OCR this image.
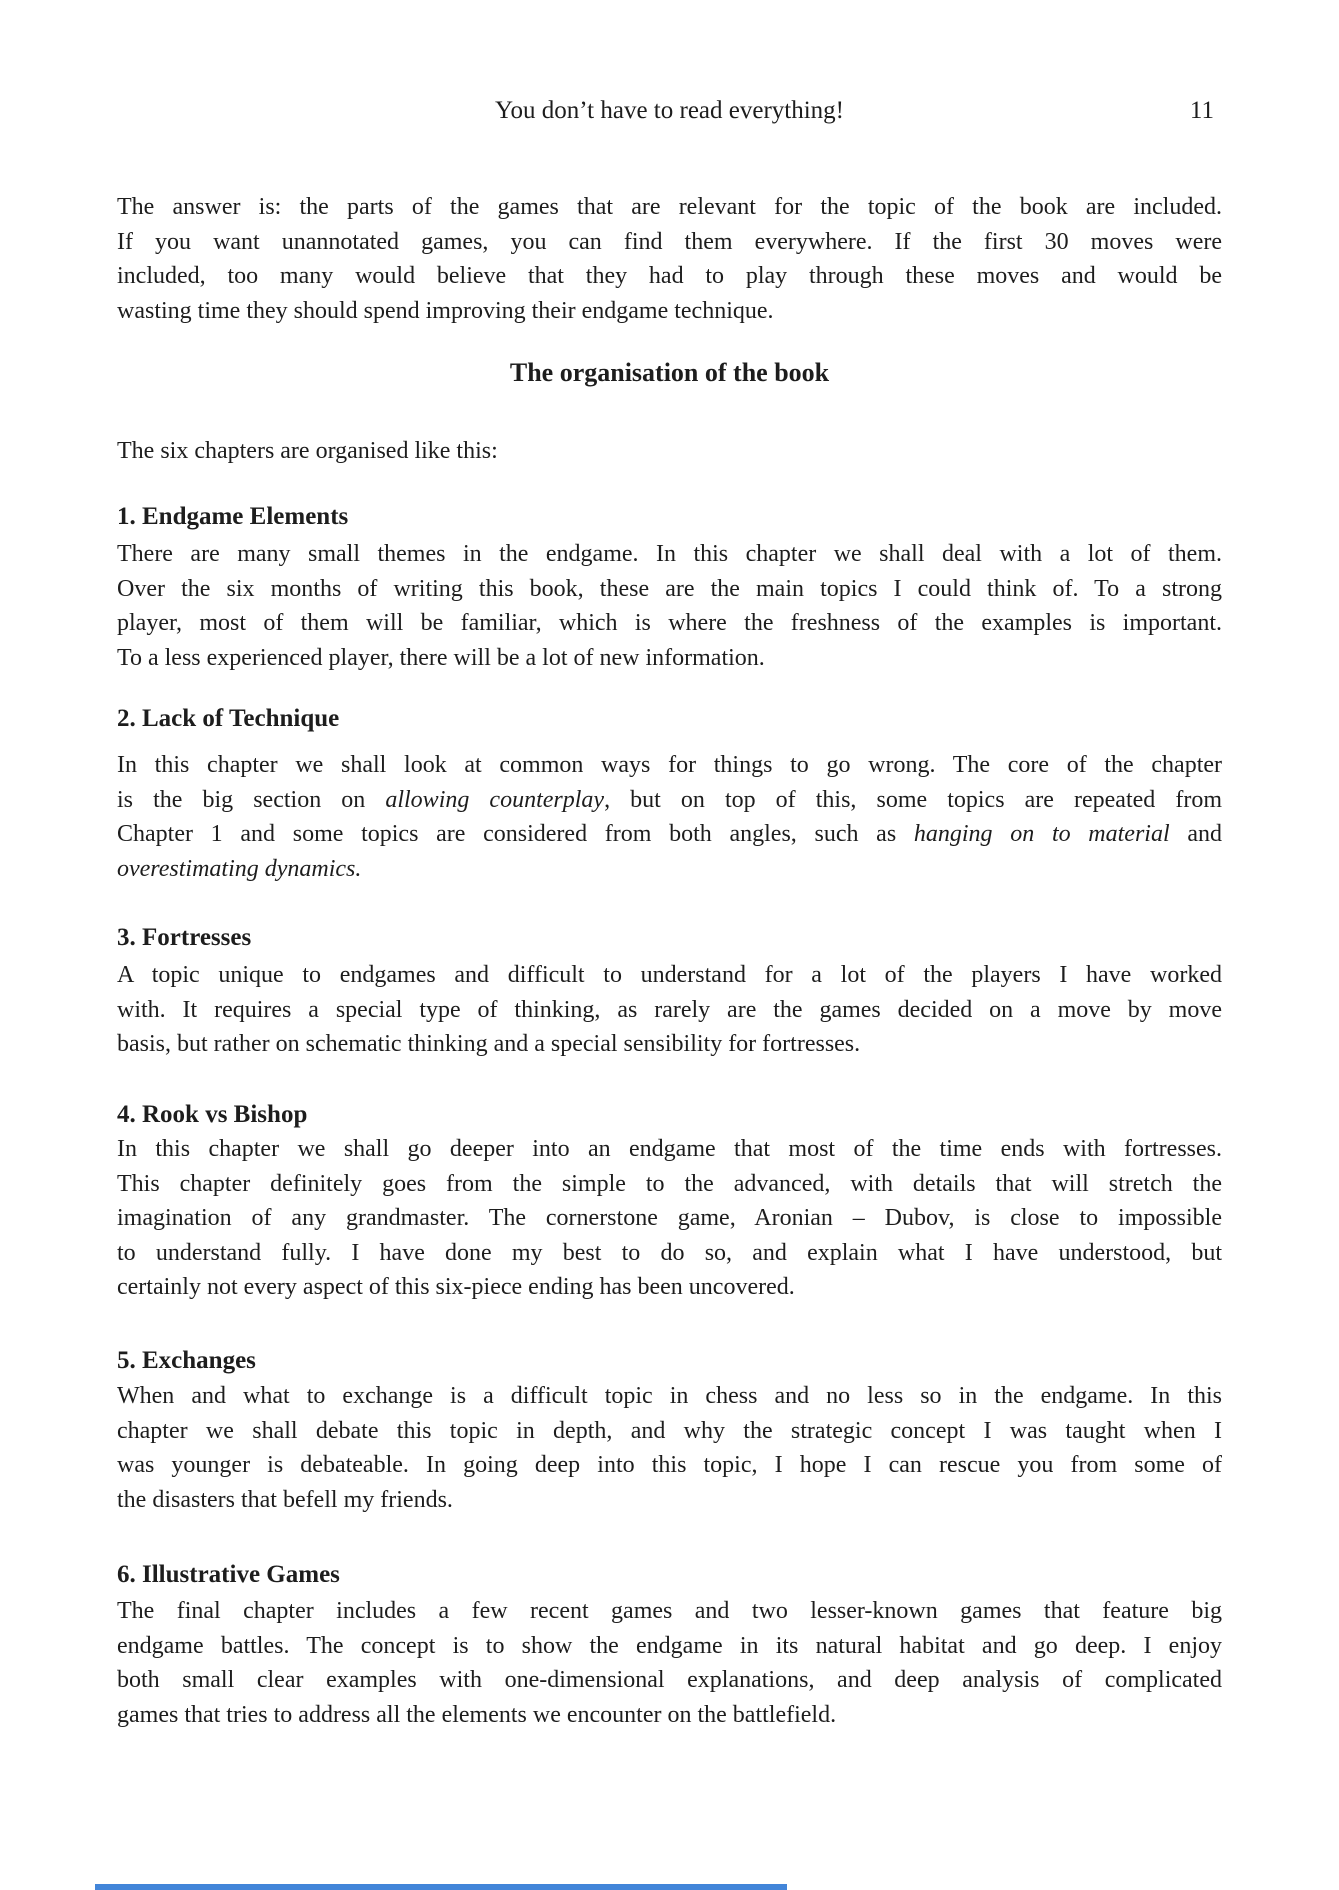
You don’t have to read everything!	11
The answer is: the parts of the games that are relevant for the topic of the book are included.
If you want unannotated games, you can find them everywhere. If the first 30 moves were
included, too many would believe that they had to play through these moves and would be
wasting time they should spend improving their endgame technique.
The organisation of the book
The six chapters are organised like this:
1. Endgame Elements
There are many small themes in the endgame. In this chapter we shall deal with a lot of them.
Over the six months of writing this book, these are the main topics I could think of. To a strong
player, most of them will be familiar, which is where the freshness of the examples is important.
To a less experienced player, there will be a lot of new information.
2. Lack of Technique
In this chapter we shall look at common ways for things to go wrong. The core of the chapter
is the big section on allowing counterplay, but on top of this, some topics are repeated from
Chapter 1 and some topics are considered from both angles, such as hanging on to material and
overestimating dynamics.
3. Fortresses
A topic unique to endgames and difficult to understand for a lot of the players I have worked
with. It requires a special type of thinking, as rarely are the games decided on a move by move
basis, but rather on schematic thinking and a special sensibility for fortresses.
4. Rook vs Bishop
In this chapter we shall go deeper into an endgame that most of the time ends with fortresses.
This chapter definitely goes from the simple to the advanced, with details that will stretch the
imagination of any grandmaster. The cornerstone game, Aronian – Dubov, is close to impossible
to understand fully. I have done my best to do so, and explain what I have understood, but
certainly not every aspect of this six-piece ending has been uncovered.
5. Exchanges
When and what to exchange is a difficult topic in chess and no less so in the endgame. In this
chapter we shall debate this topic in depth, and why the strategic concept I was taught when I
was younger is debateable. In going deep into this topic, I hope I can rescue you from some of
the disasters that befell my friends.
6. Illustrative Games
The final chapter includes a few recent games and two lesser-known games that feature big
endgame battles. The concept is to show the endgame in its natural habitat and go deep. I enjoy
both small clear examples with one-dimensional explanations, and deep analysis of complicated
games that tries to address all the elements we encounter on the battlefield.
